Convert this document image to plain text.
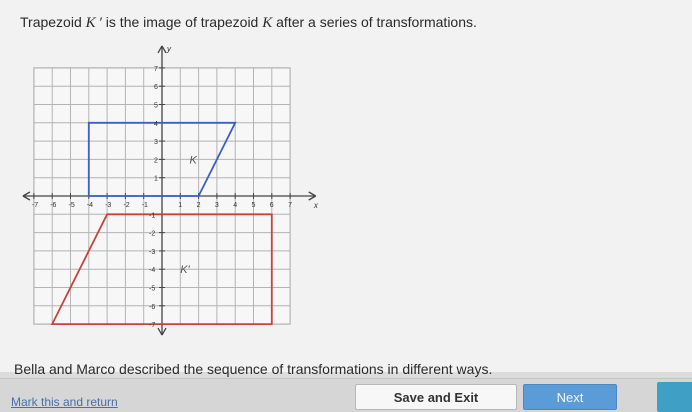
Trapezoid K ′ is the image of trapezoid K after a series of transformations.
x
y
-7 -6 -5 -4 -3 -2 -1	1 2 3 4 5 6 7
-7
-6
-5
-4
-3
-2
-1
1
2
3
4
5
6
7
K
K′
Bella and Marco described the sequence of transformations in different ways.
Mark this and return	Save and Exit	Next
